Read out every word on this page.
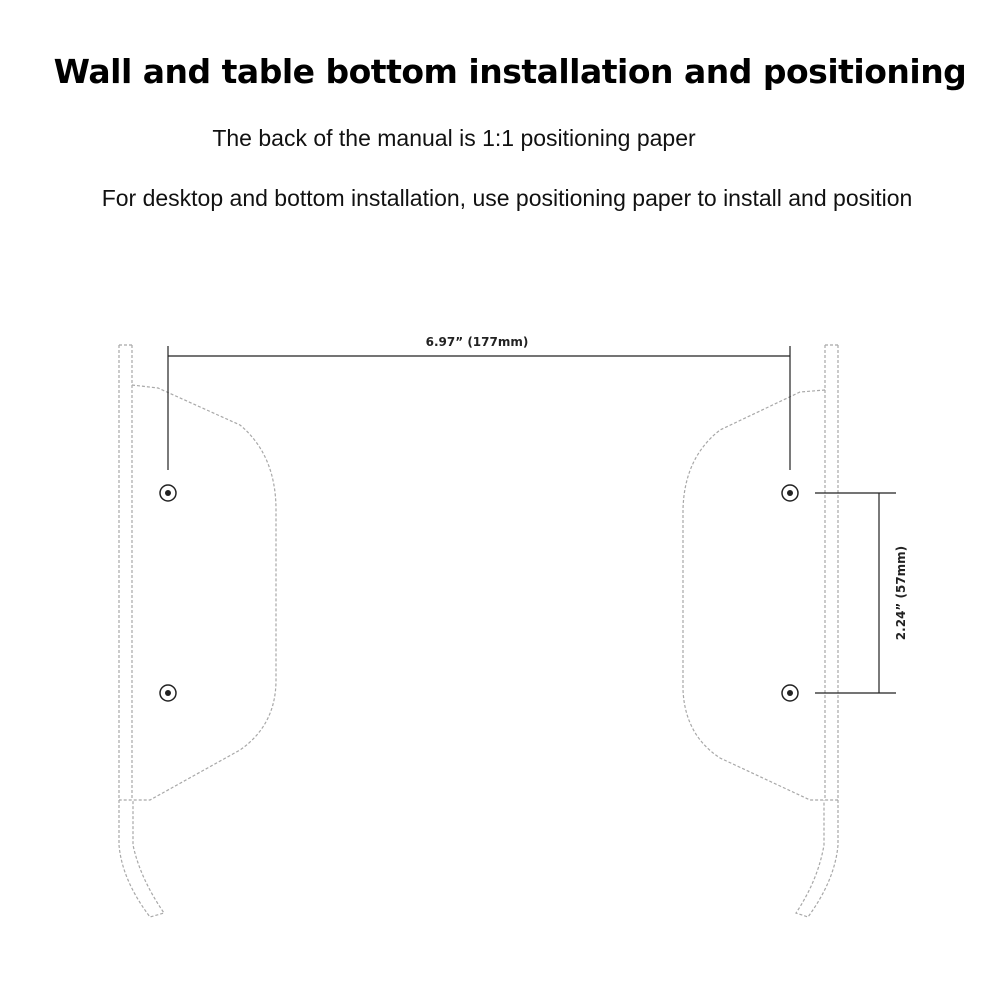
Wall and table bottom installation and positioning
The back of the manual is 1:1 positioning paper
For desktop and bottom installation, use positioning paper to install and position
6.97” (177mm)
2.24” (57mm)
